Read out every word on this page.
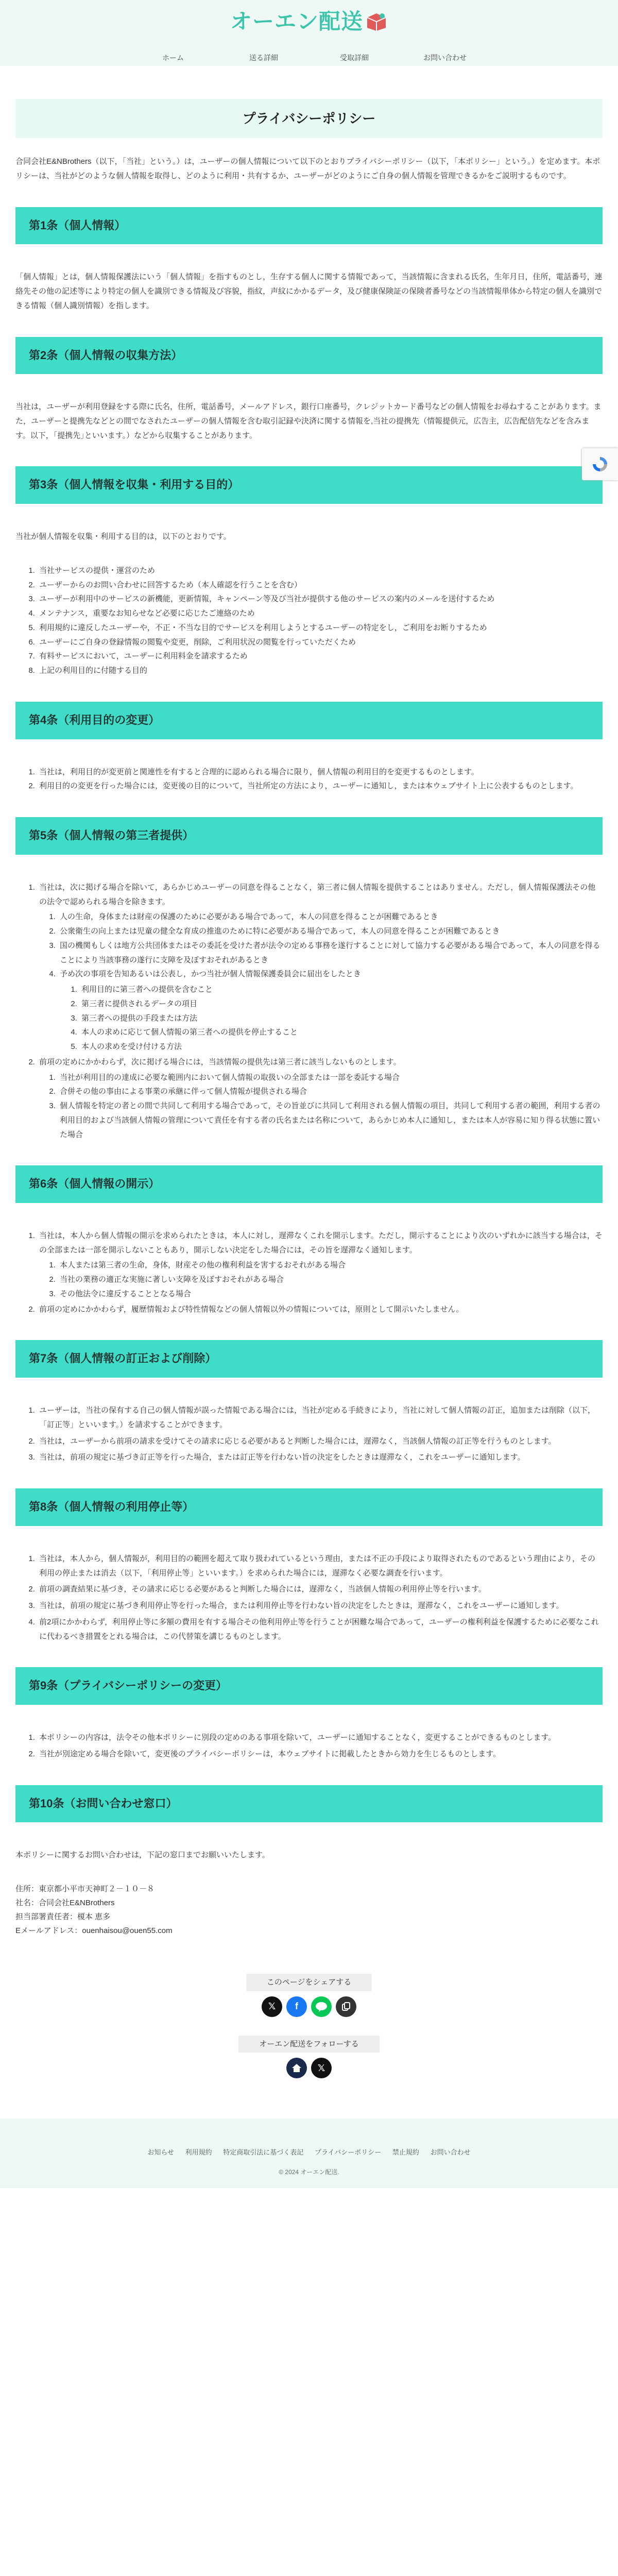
オーエン配送
ホーム	送る詳細	受取詳細	お問い合わせ
プライバシーポリシー

合同会社E&NBrothers（以下，「当社」という。）は，ユーザーの個人情報について以下のとおりプライバシーポリシー（以下，「本ポリシー」という。）を定めます。本ポリシーは、当社がどのような個人情報を取得し、どのように利用・共有するか、ユーザーがどのようにご自身の個人情報を管理できるかをご説明するものです。

第1条（個人情報）

「個人情報」とは，個人情報保護法にいう「個人情報」を指すものとし，生存する個人に関する情報であって，当該情報に含まれる氏名，生年月日，住所，電話番号，連絡先その他の記述等により特定の個人を識別できる情報及び容貌，指紋，声紋にかかるデータ，及び健康保険証の保険者番号などの当該情報単体から特定の個人を識別できる情報（個人識別情報）を指します。

第2条（個人情報の収集方法）

当社は，ユーザーが利用登録をする際に氏名，住所，電話番号，メールアドレス，銀行口座番号，クレジットカード番号などの個人情報をお尋ねすることがあります。また，ユーザーと提携先などとの間でなされたユーザーの個人情報を含む取引記録や決済に関する情報を,当社の提携先（情報提供元，広告主，広告配信先などを含みます。以下，｢提携先｣といいます。）などから収集することがあります。

第3条（個人情報を収集・利用する目的）

当社が個人情報を収集・利用する目的は，以下のとおりです。

1. 当社サービスの提供・運営のため
2. ユーザーからのお問い合わせに回答するため（本人確認を行うことを含む）
3. ユーザーが利用中のサービスの新機能，更新情報，キャンペーン等及び当社が提供する他のサービスの案内のメールを送付するため
4. メンテナンス，重要なお知らせなど必要に応じたご連絡のため
5. 利用規約に違反したユーザーや，不正・不当な目的でサービスを利用しようとするユーザーの特定をし，ご利用をお断りするため
6. ユーザーにご自身の登録情報の閲覧や変更，削除，ご利用状況の閲覧を行っていただくため
7. 有料サービスにおいて，ユーザーに利用料金を請求するため
8. 上記の利用目的に付随する目的
第4条（利用目的の変更）
1. 当社は，利用目的が変更前と関連性を有すると合理的に認められる場合に限り，個人情報の利用目的を変更するものとします。
2. 利用目的の変更を行った場合には，変更後の目的について，当社所定の方法により，ユーザーに通知し，または本ウェブサイト上に公表するものとします。
第5条（個人情報の第三者提供）
1. 当社は，次に掲げる場合を除いて，あらかじめユーザーの同意を得ることなく，第三者に個人情報を提供することはありません。ただし，個人情報保護法その他の法令で認められる場合を除きます。
1. 人の生命，身体または財産の保護のために必要がある場合であって，本人の同意を得ることが困難であるとき
2. 公衆衛生の向上または児童の健全な育成の推進のために特に必要がある場合であって，本人の同意を得ることが困難であるとき
3. 国の機関もしくは地方公共団体またはその委託を受けた者が法令の定める事務を遂行することに対して協力する必要がある場合であって，本人の同意を得ることにより当該事務の遂行に支障を及ぼすおそれがあるとき
4. 予め次の事項を告知あるいは公表し，かつ当社が個人情報保護委員会に届出をしたとき
1. 利用目的に第三者への提供を含むこと
2. 第三者に提供されるデータの項目
3. 第三者への提供の手段または方法
4. 本人の求めに応じて個人情報の第三者への提供を停止すること
5. 本人の求めを受け付ける方法
2. 前項の定めにかかわらず，次に掲げる場合には，当該情報の提供先は第三者に該当しないものとします。
1. 当社が利用目的の達成に必要な範囲内において個人情報の取扱いの全部または一部を委託する場合
2. 合併その他の事由による事業の承継に伴って個人情報が提供される場合
3. 個人情報を特定の者との間で共同して利用する場合であって，その旨並びに共同して利用される個人情報の項目，共同して利用する者の範囲，利用する者の利用目的および当該個人情報の管理について責任を有する者の氏名または名称について，あらかじめ本人に通知し，または本人が容易に知り得る状態に置いた場合
第6条（個人情報の開示）
1. 当社は，本人から個人情報の開示を求められたときは，本人に対し，遅滞なくこれを開示します。ただし，開示することにより次のいずれかに該当する場合は，その全部または一部を開示しないこともあり，開示しない決定をした場合には，その旨を遅滞なく通知します。
1. 本人または第三者の生命，身体，財産その他の権利利益を害するおそれがある場合
2. 当社の業務の適正な実施に著しい支障を及ぼすおそれがある場合
3. その他法令に違反することとなる場合
2. 前項の定めにかかわらず，履歴情報および特性情報などの個人情報以外の情報については，原則として開示いたしません。
第7条（個人情報の訂正および削除）
1. ユーザーは，当社の保有する自己の個人情報が誤った情報である場合には，当社が定める手続きにより，当社に対して個人情報の訂正，追加または削除（以下，「訂正等」といいます。）を請求することができます。
2. 当社は，ユーザーから前項の請求を受けてその請求に応じる必要があると判断した場合には，遅滞なく，当該個人情報の訂正等を行うものとします。
3. 当社は，前項の規定に基づき訂正等を行った場合，または訂正等を行わない旨の決定をしたときは遅滞なく，これをユーザーに通知します。
第8条（個人情報の利用停止等）
1. 当社は，本人から，個人情報が，利用目的の範囲を超えて取り扱われているという理由，または不正の手段により取得されたものであるという理由により，その利用の停止または消去（以下，「利用停止等」といいます。）を求められた場合には，遅滞なく必要な調査を行います。
2. 前項の調査結果に基づき，その請求に応じる必要があると判断した場合には，遅滞なく，当該個人情報の利用停止等を行います。
3. 当社は，前項の規定に基づき利用停止等を行った場合，または利用停止等を行わない旨の決定をしたときは，遅滞なく，これをユーザーに通知します。
4. 前2項にかかわらず，利用停止等に多額の費用を有する場合その他利用停止等を行うことが困難な場合であって，ユーザーの権利利益を保護するために必要なこれに代わるべき措置をとれる場合は，この代替策を講じるものとします。
第9条（プライバシーポリシーの変更）
1. 本ポリシーの内容は，法令その他本ポリシーに別段の定めのある事項を除いて，ユーザーに通知することなく，変更することができるものとします。
2. 当社が別途定める場合を除いて，変更後のプライバシーポリシーは，本ウェブサイトに掲載したときから効力を生じるものとします。
第10条（お問い合わせ窓口）

本ポリシーに関するお問い合わせは，下記の窓口までお願いいたします。

住所：東京都小平市天神町２－１０－８
社名：合同会社E&NBrothers
担当部署責任者：榎本 恵多
Eメールアドレス：ouenhaisou@ouen55.com
このページをシェアする
𝕏 f
オーエン配送をフォローする
𝕏
お知らせ 利用規約 特定商取引法に基づく表記 プライバシーポリシー 禁止規約 お問い合わせ
© 2024 オーエン配送.
